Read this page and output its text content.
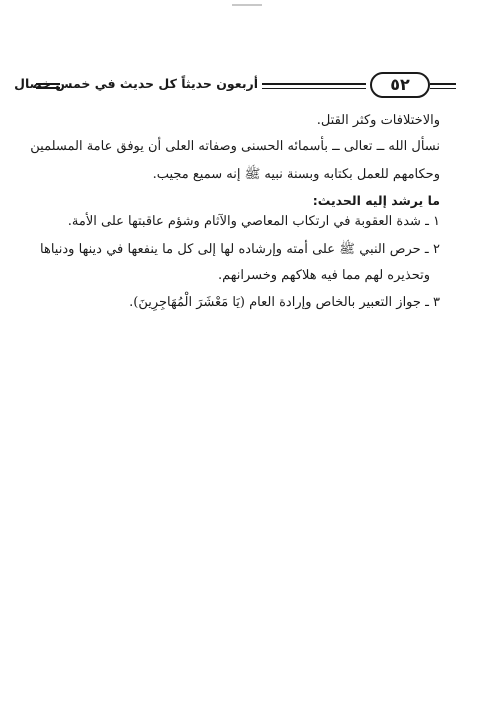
أربعون حديثاً كل حديث في خمس خصال	٥٢
والاختلافات وكثر القتل.
نسأل الله ــ تعالى ــ بأسمائه الحسنى وصفاته العلى أن يوفق عامة المسلمين
وحكامهم للعمل بكتابه وبسنة نبيه ﷺ إنه سميع مجيب.
ما يرشد إليه الحديث:
١ ـ شدة العقوبة في ارتكاب المعاصي والآثام وشؤم عاقبتها على الأمة.
٢ ـ حرص النبي ﷺ على أمته وإرشاده لها إلى كل ما ينفعها في دينها ودنياها
وتحذيره لهم مما فيه هلاكهم وخسرانهم.
٣ ـ جواز التعبير بالخاص وإرادة العام (يَا مَعْشَرَ الْمُهَاجِرِينَ).
